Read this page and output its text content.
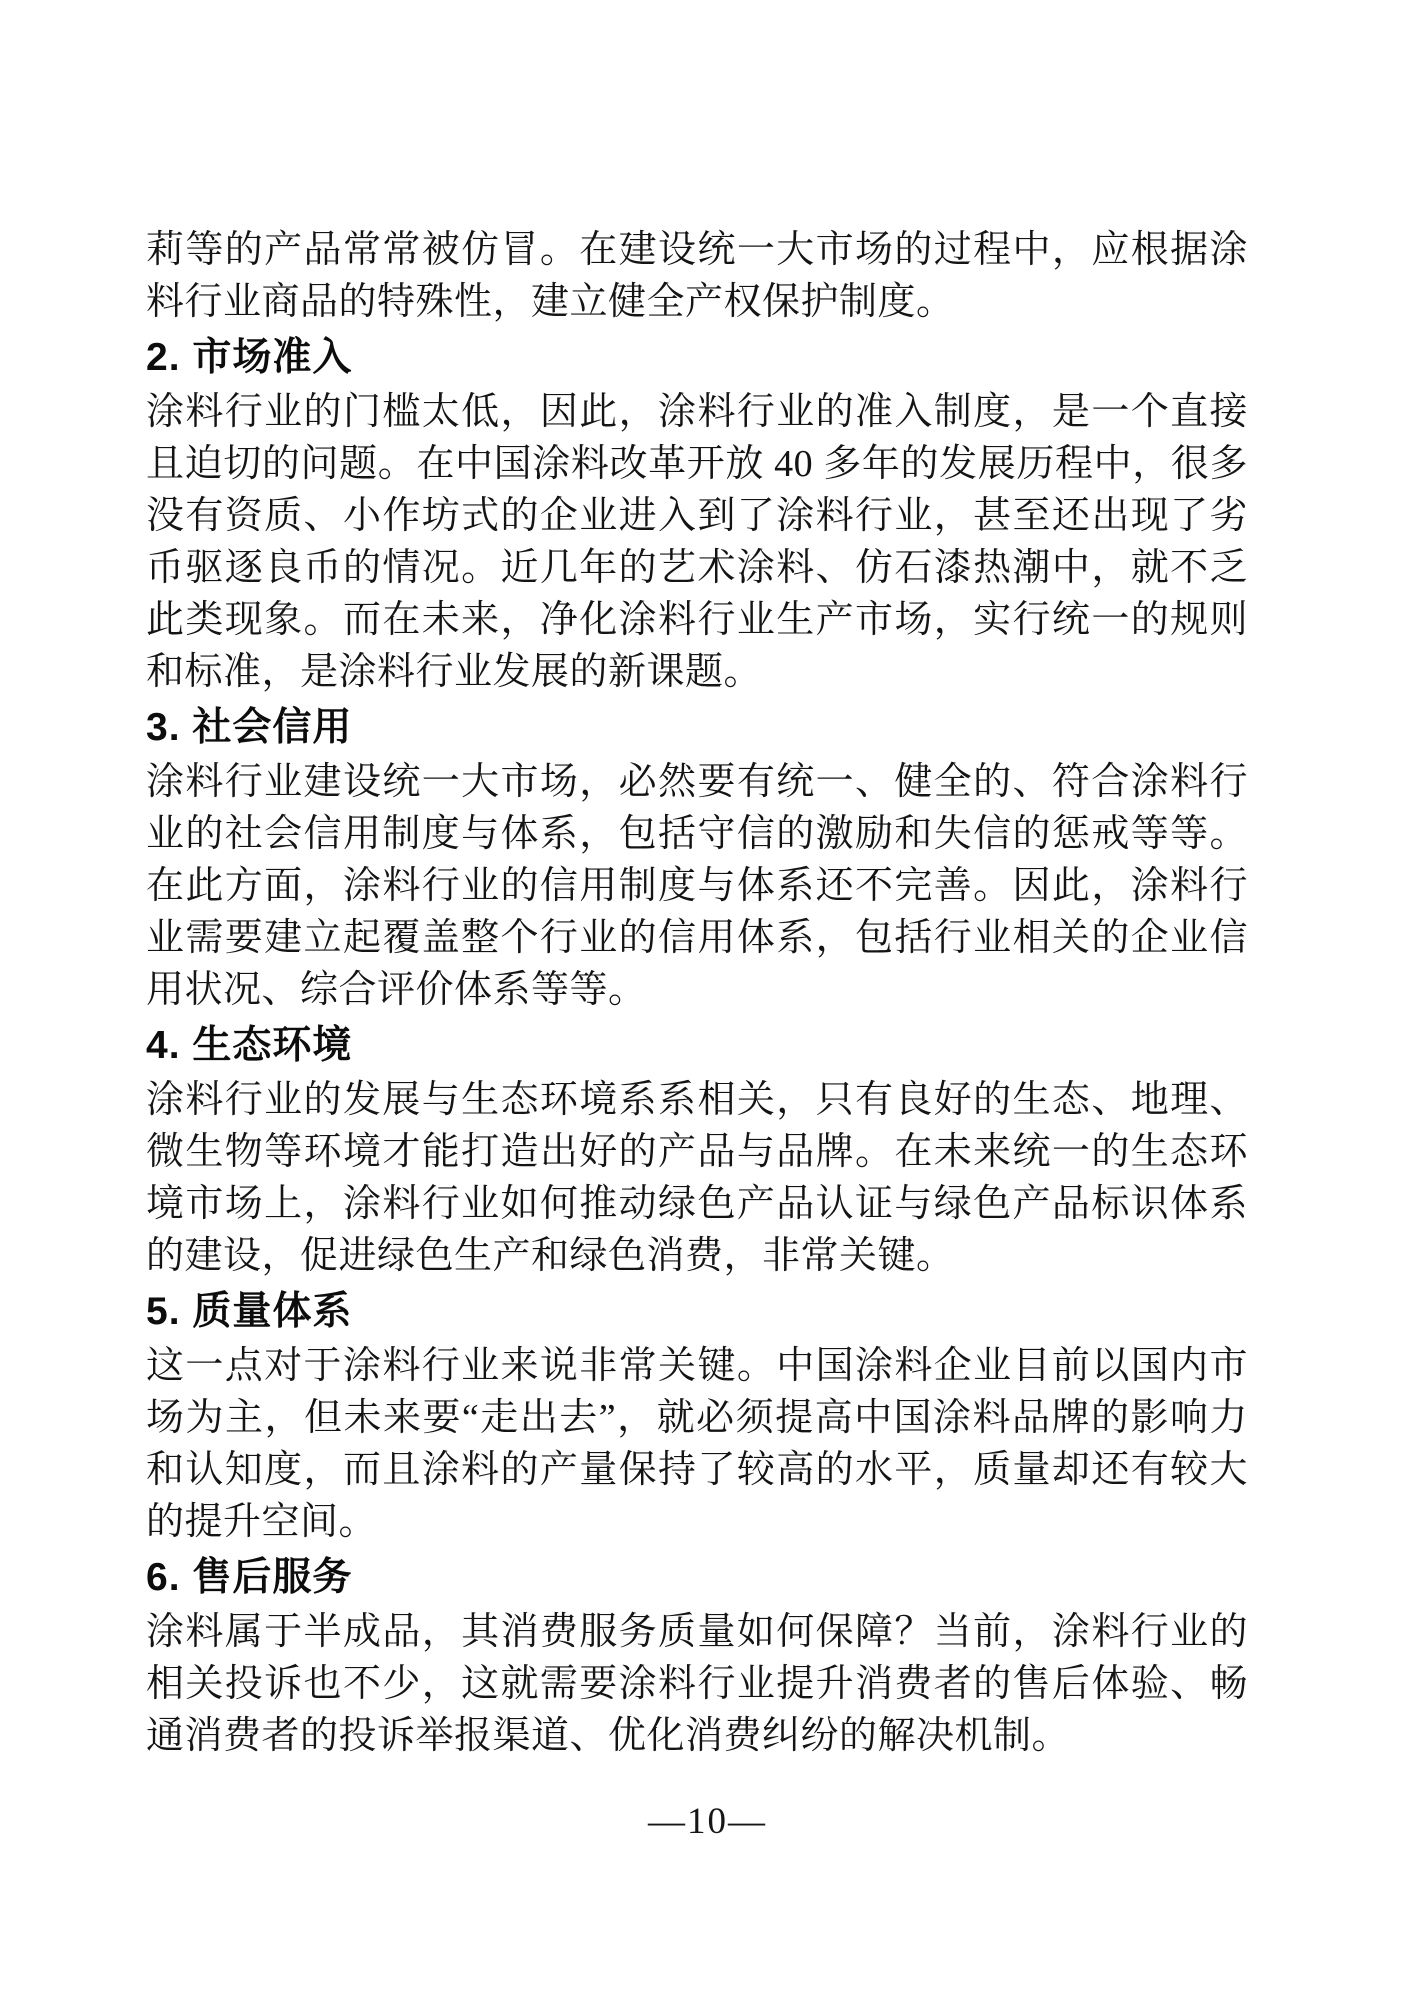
莉等的产品常常被仿冒。在建设统一大市场的过程中，应根据涂料行业商品的特殊性，建立健全产权保护制度。

2. 市场准入

涂料行业的门槛太低，因此，涂料行业的准入制度，是一个直接且迫切的问题。在中国涂料改革开放 40 多年的发展历程中，很多没有资质、小作坊式的企业进入到了涂料行业，甚至还出现了劣币驱逐良币的情况。近几年的艺术涂料、仿石漆热潮中，就不乏此类现象。而在未来，净化涂料行业生产市场，实行统一的规则和标准，是涂料行业发展的新课题。

3. 社会信用

涂料行业建设统一大市场，必然要有统一、健全的、符合涂料行业的社会信用制度与体系，包括守信的激励和失信的惩戒等等。在此方面，涂料行业的信用制度与体系还不完善。因此，涂料行业需要建立起覆盖整个行业的信用体系，包括行业相关的企业信用状况、综合评价体系等等。

4. 生态环境

涂料行业的发展与生态环境系系相关，只有良好的生态、地理、微生物等环境才能打造出好的产品与品牌。在未来统一的生态环境市场上，涂料行业如何推动绿色产品认证与绿色产品标识体系的建设，促进绿色生产和绿色消费，非常关键。

5. 质量体系

这一点对于涂料行业来说非常关键。中国涂料企业目前以国内市场为主，但未来要“走出去”，就必须提高中国涂料品牌的影响力和认知度，而且涂料的产量保持了较高的水平，质量却还有较大的提升空间。

6. 售后服务

涂料属于半成品，其消费服务质量如何保障？当前，涂料行业的相关投诉也不少，这就需要涂料行业提升消费者的售后体验、畅通消费者的投诉举报渠道、优化消费纠纷的解决机制。

—10—
